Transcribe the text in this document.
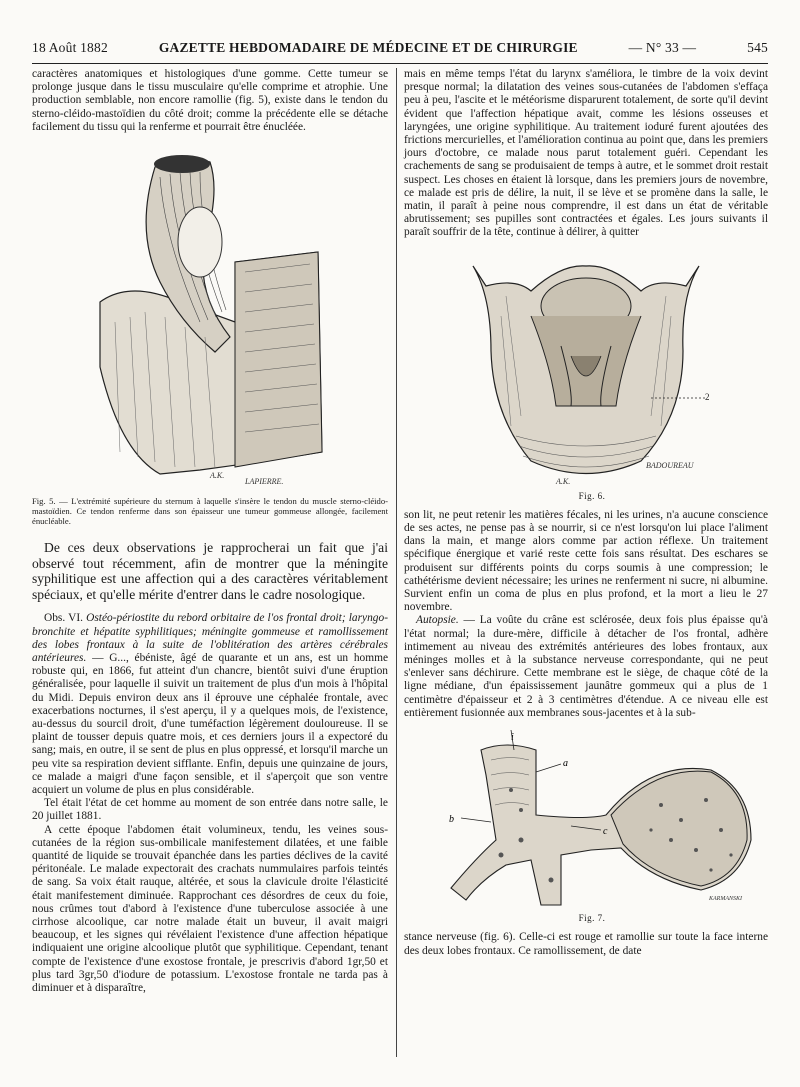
18 Août 1882	GAZETTE HEBDOMADAIRE DE MÉDECINE ET DE CHIRURGIE	— N° 33 —	545

caractères anatomiques et histologiques d'une gomme. Cette tumeur se prolonge jusque dans le tissu musculaire qu'elle comprime et atrophie. Une production semblable, non encore ramollie (fig. 5), existe dans le tendon du sterno-cléido-mastoïdien du côté droit; comme la précédente elle se détache facilement du tissu qui la renferme et pourrait être énucléée.

A.K.
LAPIERRE.

Fig. 5. — L'extrémité supérieure du sternum à laquelle s'insère le tendon du muscle sterno-cléido-mastoïdien. Ce tendon renferme dans son épaisseur une tumeur gommeuse allongée, facilement énucléable.

De ces deux observations je rapprocherai un fait que j'ai observé tout récemment, afin de montrer que la méningite syphilitique est une affection qui a des caractères véritablement spéciaux, et qu'elle mérite d'entrer dans le cadre nosologique.

Obs. VI. Ostéo-périostite du rebord orbitaire de l'os frontal droit; laryngo-bronchite et hépatite syphilitiques; méningite gommeuse et ramollissement des lobes frontaux à la suite de l'oblitération des artères cérébrales antérieures. — G..., ébéniste, âgé de quarante et un ans, est un homme robuste qui, en 1866, fut atteint d'un chancre, bientôt suivi d'une éruption généralisée, pour laquelle il suivit un traitement de plus d'un mois à l'hôpital du Midi. Depuis environ deux ans il éprouve une céphalée frontale, avec exacerbations nocturnes, il s'est aperçu, il y a quelques mois, de l'existence, au-dessus du sourcil droit, d'une tuméfaction légèrement douloureuse. Il se plaint de tousser depuis quatre mois, et ces derniers jours il a expectoré du sang; mais, en outre, il se sent de plus en plus oppressé, et lorsqu'il marche un peu vite sa respiration devient sifflante. Enfin, depuis une quinzaine de jours, ce malade a maigri d'une façon sensible, et il s'aperçoit que son ventre acquiert un volume de plus en plus considérable.

Tel était l'état de cet homme au moment de son entrée dans notre salle, le 20 juillet 1881.

A cette époque l'abdomen était volumineux, tendu, les veines sous-cutanées de la région sus-ombilicale manifestement dilatées, et une faible quantité de liquide se trouvait épanchée dans les parties déclives de la cavité péritonéale. Le malade expectorait des crachats nummulaires parfois teintés de sang. Sa voix était rauque, altérée, et sous la clavicule droite l'élasticité était manifestement diminuée. Rapprochant ces désordres de ceux du foie, nous crûmes tout d'abord à l'existence d'une tuberculose associée à une cirrhose alcoolique, car notre malade était un buveur, il avait maigri beaucoup, et les signes qui révélaient l'existence d'une affection hépatique indiquaient une origine alcoolique plutôt que syphilitique. Cependant, tenant compte de l'existence d'une exostose frontale, je prescrivis d'abord 1gr,50 et plus tard 3gr,50 d'iodure de potassium. L'exostose frontale ne tarda pas à diminuer et à disparaître,

mais en même temps l'état du larynx s'améliora, le timbre de la voix devint presque normal; la dilatation des veines sous-cutanées de l'abdomen s'effaça peu à peu, l'ascite et le météorisme disparurent totalement, de sorte qu'il devint évident que l'affection hépatique avait, comme les lésions osseuses et laryngées, une origine syphilitique. Au traitement ioduré furent ajoutées des frictions mercurielles, et l'amélioration continua au point que, dans les premiers jours d'octobre, ce malade nous parut totalement guéri. Cependant les crachements de sang se produisaient de temps à autre, et le sommet droit restait suspect. Les choses en étaient là lorsque, dans les premiers jours de novembre, ce malade est pris de délire, la nuit, il se lève et se promène dans la salle, le matin, il paraît à peine nous comprendre, il est dans un état de véritable abrutissement; ses pupilles sont contractées et égales. Les jours suivants il paraît souffrir de la tête, continue à délirer, à quitter

2
A.K.
BADOUREAU

Fig. 6.

son lit, ne peut retenir les matières fécales, ni les urines, n'a aucune conscience de ses actes, ne pense pas à se nourrir, si ce n'est lorsqu'on lui place l'aliment dans la main, et mange alors comme par action réflexe. Un traitement spécifique énergique et varié reste cette fois sans résultat. Des eschares se produisent sur différents points du corps soumis à une compression; le cathétérisme devient nécessaire; les urines ne renferment ni sucre, ni albumine. Survient enfin un coma de plus en plus profond, et la mort a lieu le 27 novembre.

Autopsie. — La voûte du crâne est sclérosée, deux fois plus épaisse qu'à l'état normal; la dure-mère, difficile à détacher de l'os frontal, adhère intimement au niveau des extrémités antérieures des lobes frontaux, aux méninges molles et à la substance nerveuse correspondante, qui ne peut s'enlever sans déchirure. Cette membrane est le siège, de chaque côté de la ligne médiane, d'un épaississement jaunâtre gommeux qui a plus de 1 centimètre d'épaisseur et 2 à 3 centimètres d'étendue. A ce niveau elle est entièrement fusionnée aux membranes sous-jacentes et à la sub-

i
a
b
c
KARMANSKI

Fig. 7.

stance nerveuse (fig. 6). Celle-ci est rouge et ramollie sur toute la face interne des deux lobes frontaux. Ce ramollissement, de date
